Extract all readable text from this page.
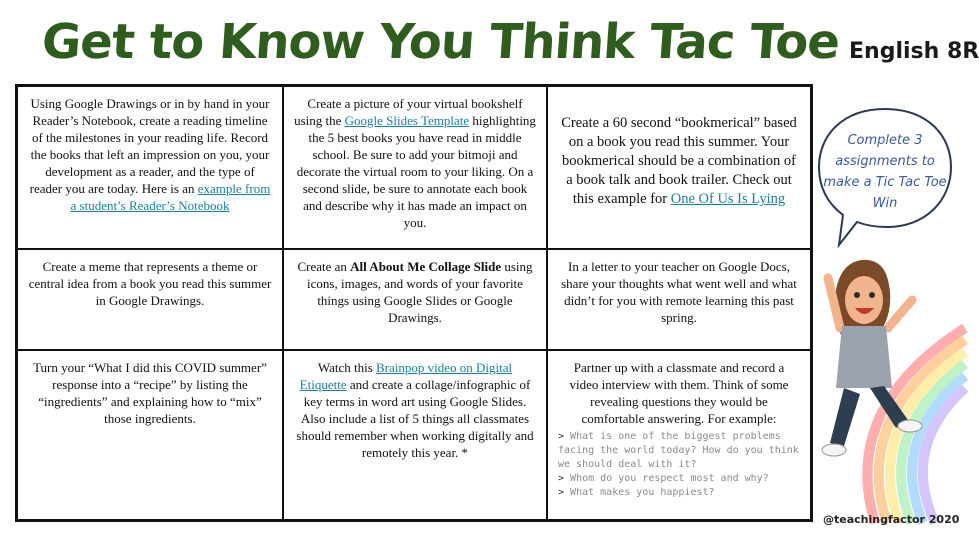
Get to Know You Think Tac Toe English 8R
Using Google Drawings or in by hand in your Reader’s Notebook, create a reading timeline of the milestones in your reading life. Record the books that left an impression on you, your development as a reader, and the type of reader you are today. Here is an example from a student’s Reader’s Notebook
Create a picture of your virtual bookshelf using the Google Slides Template highlighting the 5 best books you have read in middle school. Be sure to add your bitmoji and decorate the virtual room to your liking. On a second slide, be sure to annotate each book and describe why it has made an impact on you.
Create a 60 second “bookmerical” based on a book you read this summer. Your bookmerical should be a combination of a book talk and book trailer. Check out this example for One Of Us Is Lying
Create a meme that represents a theme or central idea from a book you read this summer in Google Drawings.
Create an All About Me Collage Slide using icons, images, and words of your favorite things using Google Slides or Google Drawings.
In a letter to your teacher on Google Docs, share your thoughts what went well and what didn’t for you with remote learning this past spring.
Turn your “What I did this COVID summer” response into a “recipe” by listing the “ingredients” and explaining how to “mix” those ingredients.
Watch this Brainpop video on Digital Etiquette and create a collage/infographic of key terms in word art using Google Slides. Also include a list of 5 things all classmates should remember when working digitally and remotely this year. *
Partner up with a classmate and record a video interview with them. Think of some revealing questions they would be comfortable answering. For example:
> What is one of the biggest problems facing the world today? How do you think we should deal with it?
> Whom do you respect most and why?
> What makes you happiest?
Complete 3 assignments to make a Tic Tac Toe Win
@teachingfactor 2020
